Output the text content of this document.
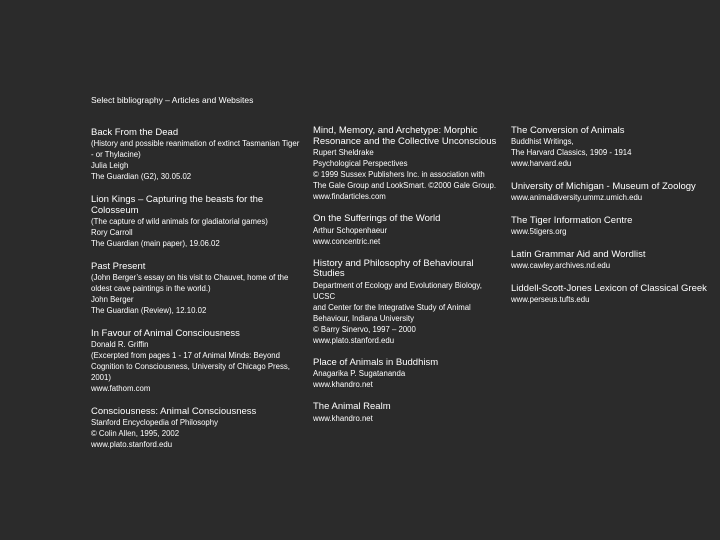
Select bibliography – Articles and Websites
Back From the Dead
(History and possible reanimation of extinct Tasmanian Tiger - or Thylacine)
Julia Leigh
The Guardian (G2), 30.05.02
Lion Kings – Capturing the beasts for the Colosseum
(The capture of wild animals for gladiatorial games)
Rory Carroll
The Guardian (main paper), 19.06.02
Past Present
(John Berger’s essay on his visit to Chauvet, home of the oldest cave paintings in the world.)
John Berger
The Guardian (Review), 12.10.02
In Favour of Animal Consciousness
Donald R. Griffin
(Excerpted from pages 1 - 17 of Animal Minds: Beyond Cognition to Consciousness, University of Chicago Press, 2001)
www.fathom.com
Consciousness: Animal Consciousness
Stanford Encyclopedia of Philosophy
© Colin Allen, 1995, 2002
www.plato.stanford.edu
Mind, Memory, and Archetype: Morphic Resonance and the Collective Unconscious
Rupert Sheldrake
Psychological Perspectives
© 1999 Sussex Publishers Inc. in association with The Gale Group and LookSmart. ©2000 Gale Group.
www.findarticles.com
On the Sufferings of the World
Arthur Schopenhaeur
www.concentric.net
History and Philosophy of Behavioural Studies
Department of Ecology and Evolutionary Biology, UCSC
and Center for the Integrative Study of Animal Behaviour, Indiana University
© Barry Sinervo, 1997 – 2000
www.plato.stanford.edu
Place of Animals in Buddhism
Anagarika P. Sugatananda
www.khandro.net
The Animal Realm
www.khandro.net
The Conversion of Animals
Buddhist Writings,
The Harvard Classics, 1909 - 1914
www.harvard.edu
University of Michigan - Museum of Zoology
www.animaldiversity.ummz.umich.edu
The Tiger Information Centre
www.5tigers.org
Latin Grammar Aid and Wordlist
www.cawley.archives.nd.edu
Liddell-Scott-Jones Lexicon of Classical Greek
www.perseus.tufts.edu
